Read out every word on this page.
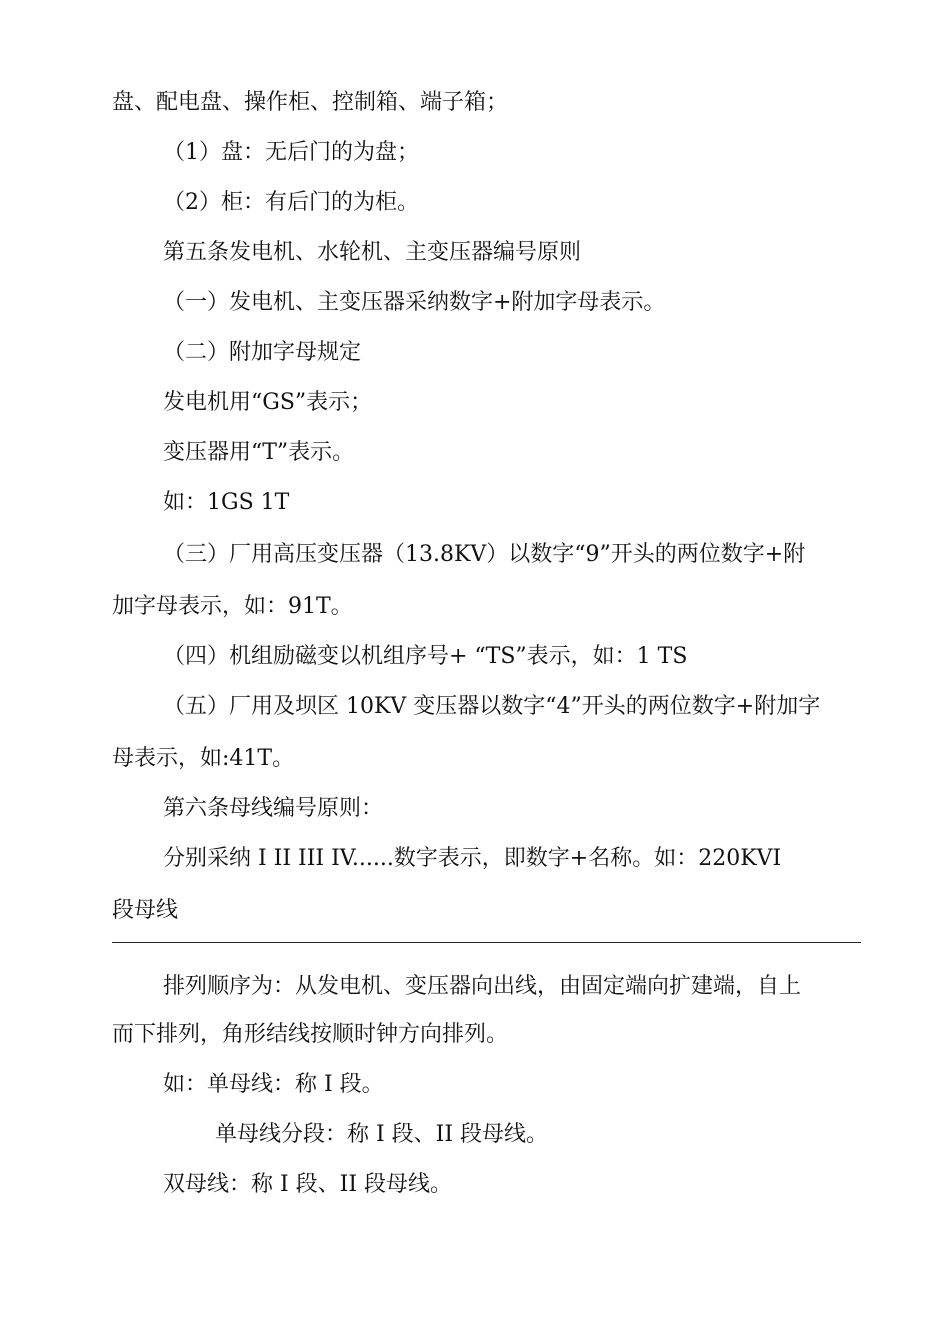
盘、配电盘、操作柜、控制箱、端子箱；
（1）盘：无后门的为盘；
（2）柜：有后门的为柜。
第五条发电机、水轮机、主变压器编号原则
（一）发电机、主变压器采纳数字+附加字母表示。
（二）附加字母规定
发电机用“GS”表示；
变压器用“T”表示。
如：1GS 1T
（三）厂用高压变压器（13.8KV）以数字“9”开头的两位数字+附
加字母表示，如：91T。
（四）机组励磁变以机组序号+ “TS”表示，如：1 TS
（五）厂用及坝区 10KV 变压器以数字“4”开头的两位数字+附加字
母表示，如:41T。
第六条母线编号原则：
分别采纳 I II III IV......数字表示，即数字+名称。如：220KVI
段母线
排列顺序为：从发电机、变压器向出线，由固定端向扩建端，自上
而下排列，角形结线按顺时钟方向排列。
如：单母线：称 I 段。
单母线分段：称 I 段、II 段母线。
双母线：称 I 段、II 段母线。
